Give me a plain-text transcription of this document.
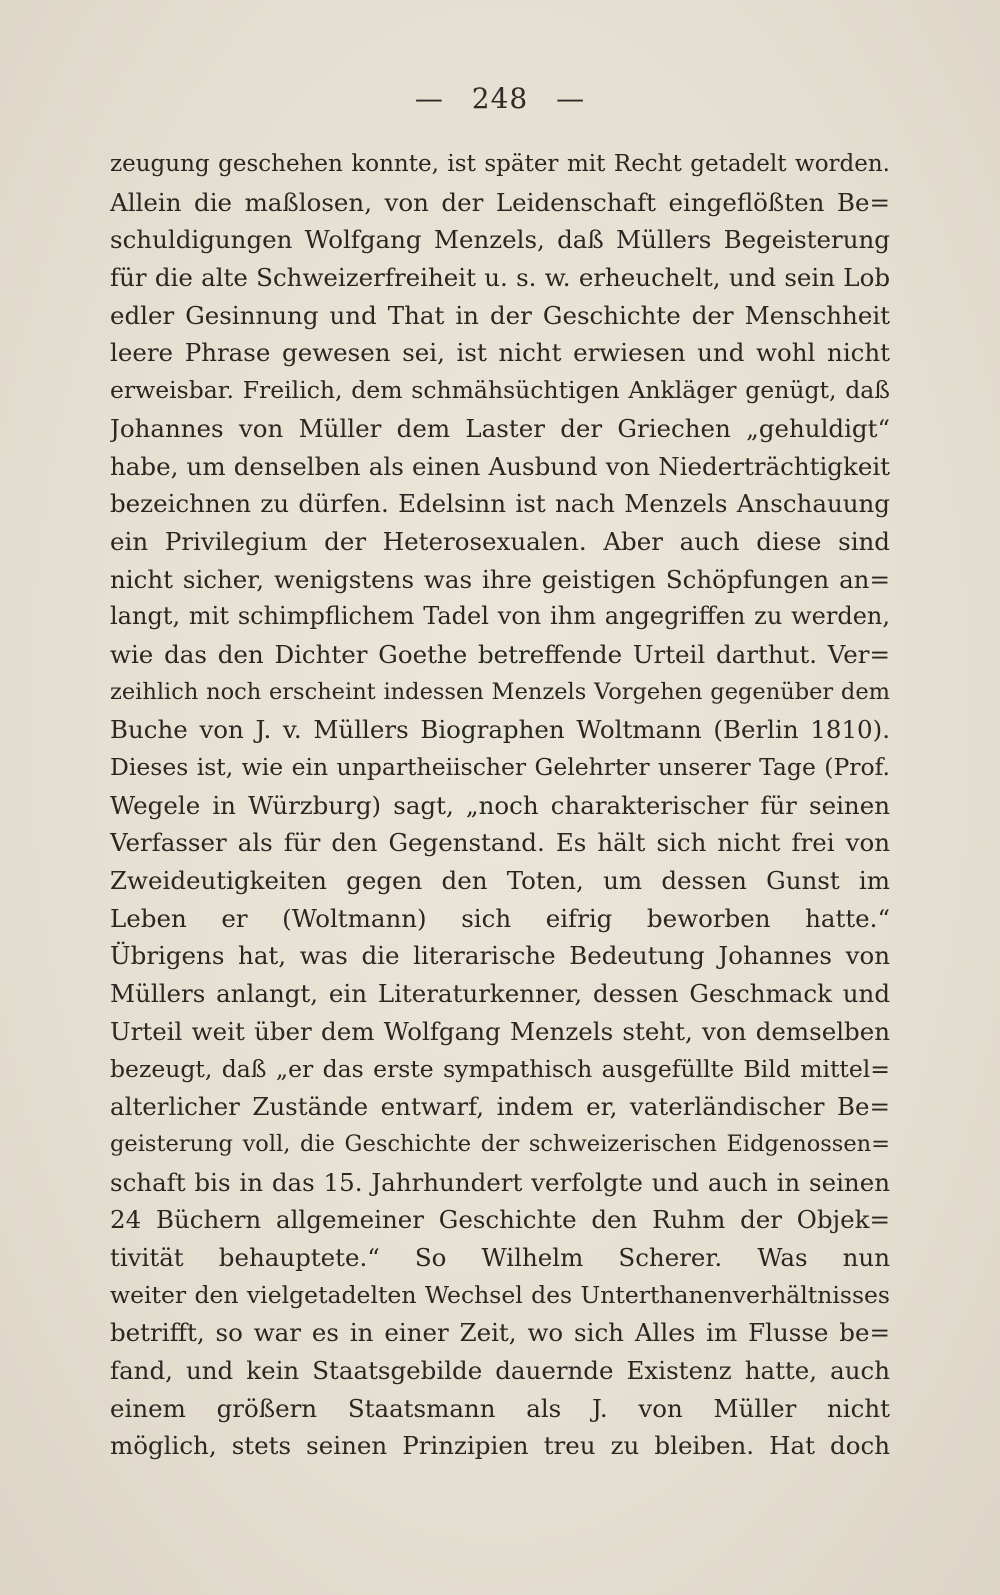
— 248 —
zeugung geschehen konnte, ist später mit Recht getadelt worden.
Allein die maßlosen, von der Leidenschaft eingeflößten Be=
schuldigungen Wolfgang Menzels, daß Müllers Begeisterung
für die alte Schweizerfreiheit u. s. w. erheuchelt, und sein Lob
edler Gesinnung und That in der Geschichte der Menschheit
leere Phrase gewesen sei, ist nicht erwiesen und wohl nicht
erweisbar. Freilich, dem schmähsüchtigen Ankläger genügt, daß
Johannes von Müller dem Laster der Griechen „gehuldigt“
habe, um denselben als einen Ausbund von Niederträchtigkeit
bezeichnen zu dürfen. Edelsinn ist nach Menzels Anschauung
ein Privilegium der Heterosexualen. Aber auch diese sind
nicht sicher, wenigstens was ihre geistigen Schöpfungen an=
langt, mit schimpflichem Tadel von ihm angegriffen zu werden,
wie das den Dichter Goethe betreffende Urteil darthut. Ver=
zeihlich noch erscheint indessen Menzels Vorgehen gegenüber dem
Buche von J. v. Müllers Biographen Woltmann (Berlin 1810).
Dieses ist, wie ein unpartheiischer Gelehrter unserer Tage (Prof.
Wegele in Würzburg) sagt, „noch charakterischer für seinen
Verfasser als für den Gegenstand. Es hält sich nicht frei von
Zweideutigkeiten gegen den Toten, um dessen Gunst im
Leben er (Woltmann) sich eifrig beworben hatte.“
Übrigens hat, was die literarische Bedeutung Johannes von
Müllers anlangt, ein Literaturkenner, dessen Geschmack und
Urteil weit über dem Wolfgang Menzels steht, von demselben
bezeugt, daß „er das erste sympathisch ausgefüllte Bild mittel=
alterlicher Zustände entwarf, indem er, vaterländischer Be=
geisterung voll, die Geschichte der schweizerischen Eidgenossen=
schaft bis in das 15. Jahrhundert verfolgte und auch in seinen
24 Büchern allgemeiner Geschichte den Ruhm der Objek=
tivität behauptete.“ So Wilhelm Scherer. Was nun
weiter den vielgetadelten Wechsel des Unterthanenverhältnisses
betrifft, so war es in einer Zeit, wo sich Alles im Flusse be=
fand, und kein Staatsgebilde dauernde Existenz hatte, auch
einem größern Staatsmann als J. von Müller nicht
möglich, stets seinen Prinzipien treu zu bleiben. Hat doch
